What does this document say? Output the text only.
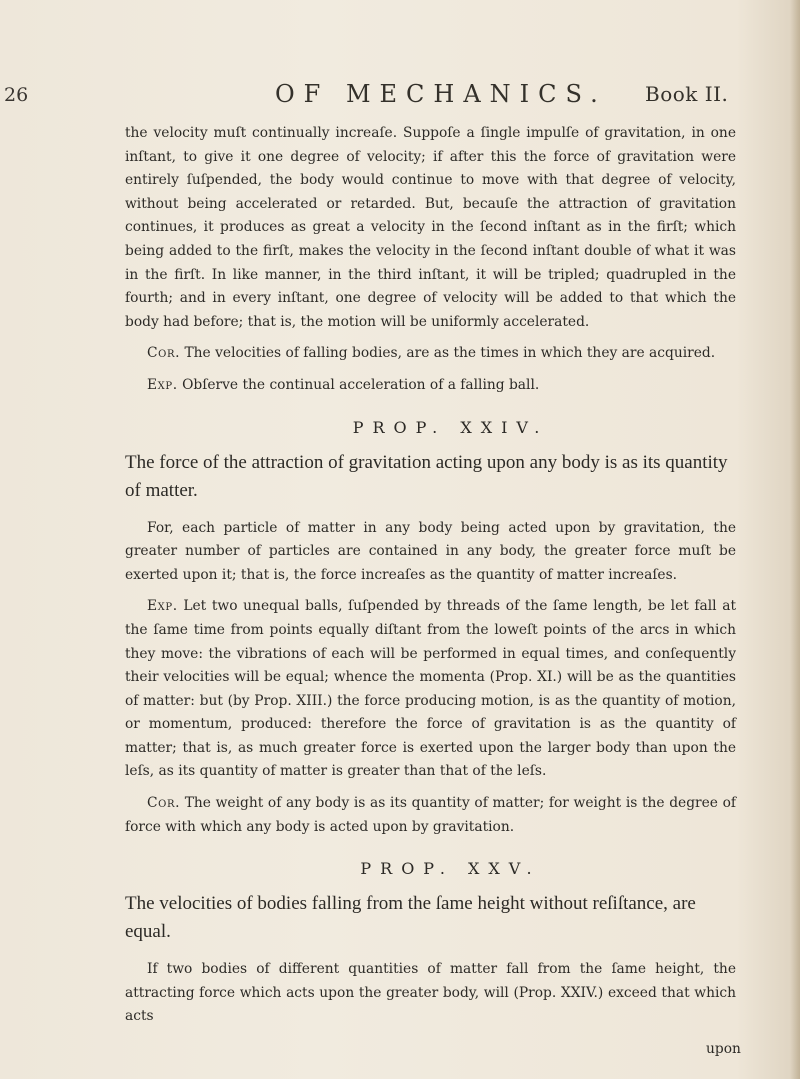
26	OF MECHANICS. Book II.

the velocity muſt continually increaſe. Suppoſe a ſingle impulſe of gravitation, in one inſtant, to give it one degree of velocity; if after this the force of gravitation were entirely ſuſpended, the body would continue to move with that degree of velocity, without being accelerated or retarded. But, becauſe the attraction of gravitation continues, it produces as great a velocity in the ſecond inſtant as in the firſt; which being added to the firſt, makes the velocity in the ſecond inſtant double of what it was in the firſt. In like manner, in the third inſtant, it will be tripled; quadrupled in the fourth; and in every inſtant, one degree of velocity will be added to that which the body had before; that is, the motion will be uniformly accelerated.

Cor. The velocities of falling bodies, are as the times in which they are acquired.

Exp. Obſerve the continual acceleration of a falling ball.

PROP. XXIV.
The force of the attraction of gravitation acting upon any body is as its quantity of matter.

For, each particle of matter in any body being acted upon by gravitation, the greater number of particles are contained in any body, the greater force muſt be exerted upon it; that is, the force increaſes as the quantity of matter increaſes.

Exp. Let two unequal balls, ſuſpended by threads of the ſame length, be let fall at the ſame time from points equally diſtant from the loweſt points of the arcs in which they move: the vibrations of each will be performed in equal times, and conſequently their velocities will be equal; whence the momenta (Prop. XI.) will be as the quantities of matter: but (by Prop. XIII.) the force producing motion, is as the quantity of motion, or momentum, produced: therefore the force of gravitation is as the quantity of matter; that is, as much greater force is exerted upon the larger body than upon the leſs, as its quantity of matter is greater than that of the leſs.

Cor. The weight of any body is as its quantity of matter; for weight is the degree of force with which any body is acted upon by gravitation.

PROP. XXV.
The velocities of bodies falling from the ſame height without reſiſtance, are equal.

If two bodies of different quantities of matter fall from the ſame height, the attracting force which acts upon the greater body, will (Prop. XXIV.) exceed that which acts

upon
